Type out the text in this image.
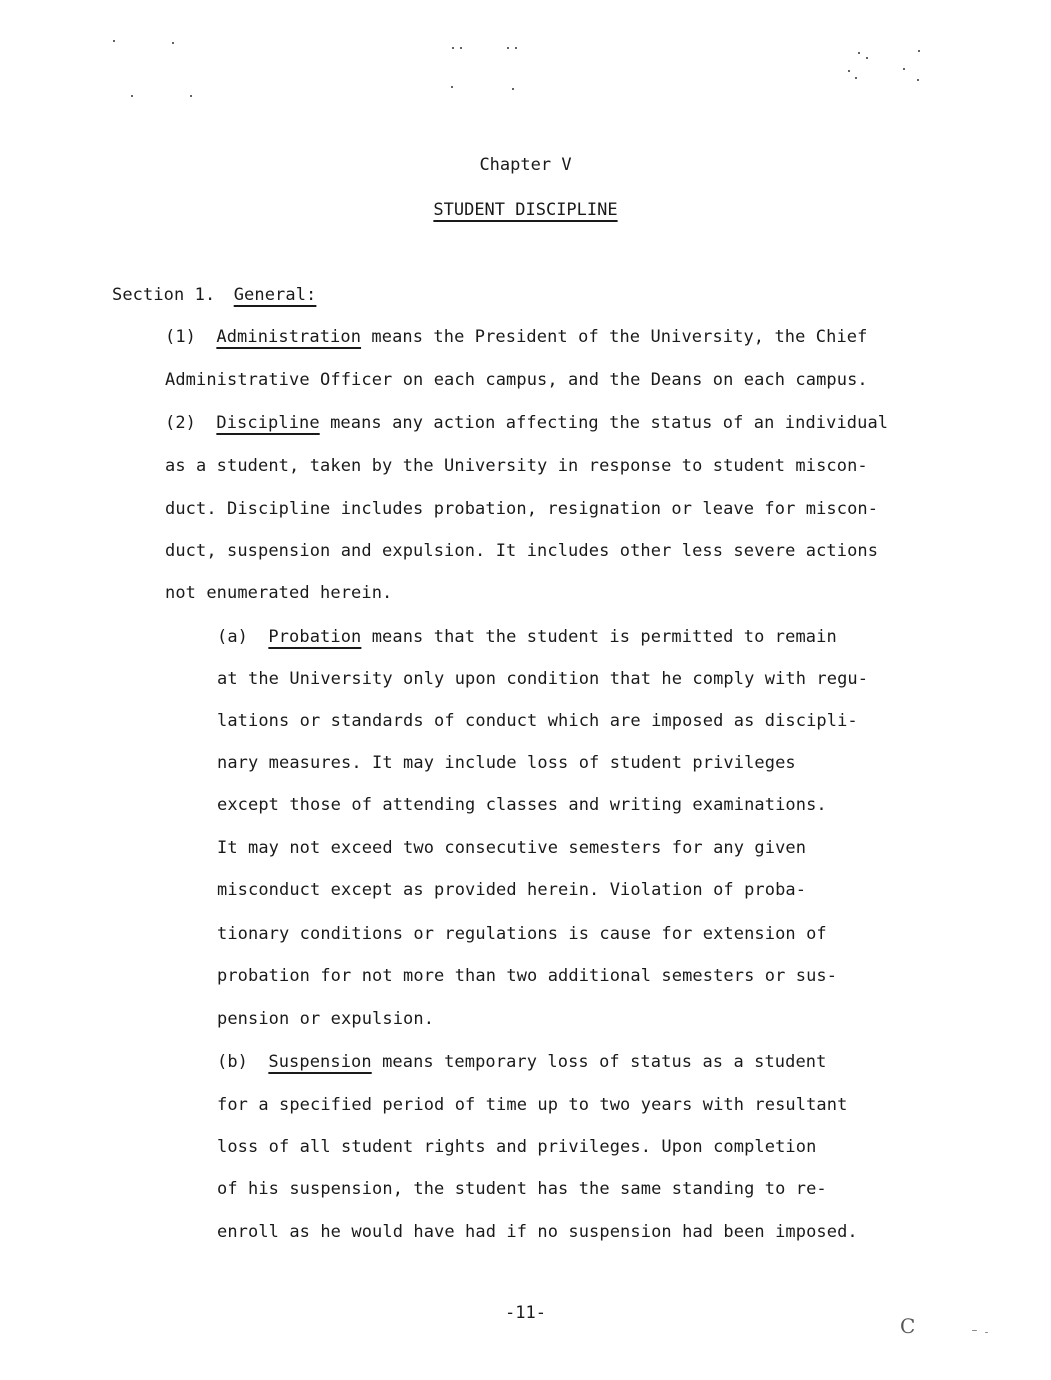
Chapter V
STUDENT DISCIPLINE
Section 1. General:
(1) Administration means the President of the University, the Chief
Administrative Officer on each campus, and the Deans on each campus.
(2) Discipline means any action affecting the status of an individual
as a student, taken by the University in response to student miscon-
duct. Discipline includes probation, resignation or leave for miscon-
duct, suspension and expulsion. It includes other less severe actions
not enumerated herein.
(a) Probation means that the student is permitted to remain
at the University only upon condition that he comply with regu-
lations or standards of conduct which are imposed as discipli-
nary measures. It may include loss of student privileges
except those of attending classes and writing examinations.
It may not exceed two consecutive semesters for any given
misconduct except as provided herein. Violation of proba-
tionary conditions or regulations is cause for extension of
probation for not more than two additional semesters or sus-
pension or expulsion.
(b) Suspension means temporary loss of status as a student
for a specified period of time up to two years with resultant
loss of all student rights and privileges. Upon completion
of his suspension, the student has the same standing to re-
enroll as he would have had if no suspension had been imposed.
-11-
C
